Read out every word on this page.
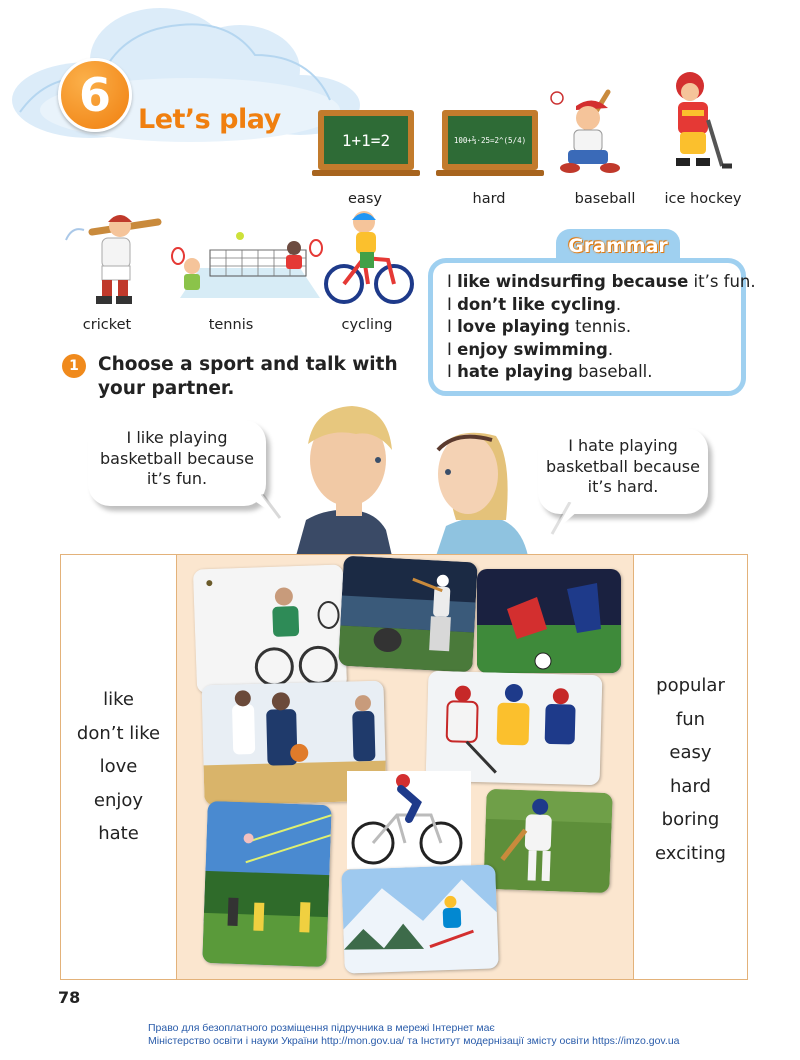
6	Let’s play
1+1=2
easy
100+⅔·25=2^(5/4)
hard	baseball	ice hockey
cricket	tennis	cycling
Grammar
I like windsurfing because it’s fun.
I don’t like cycling.
I love playing tennis.
I enjoy swimming.
I hate playing baseball.
1	Choose a sport and talk with your partner.
I like playing
basketball because
it’s fun.
I hate playing
basketball because
it’s hard.
like
don’t like
love
enjoy
hate
popular
fun
easy
hard
boring
exciting
78
Право для безоплатного розміщення підручника в мережі Інтернет має
Міністерство освіти і науки України http://mon.gov.ua/ та Інститут модернізації змісту освіти https://imzo.gov.ua
